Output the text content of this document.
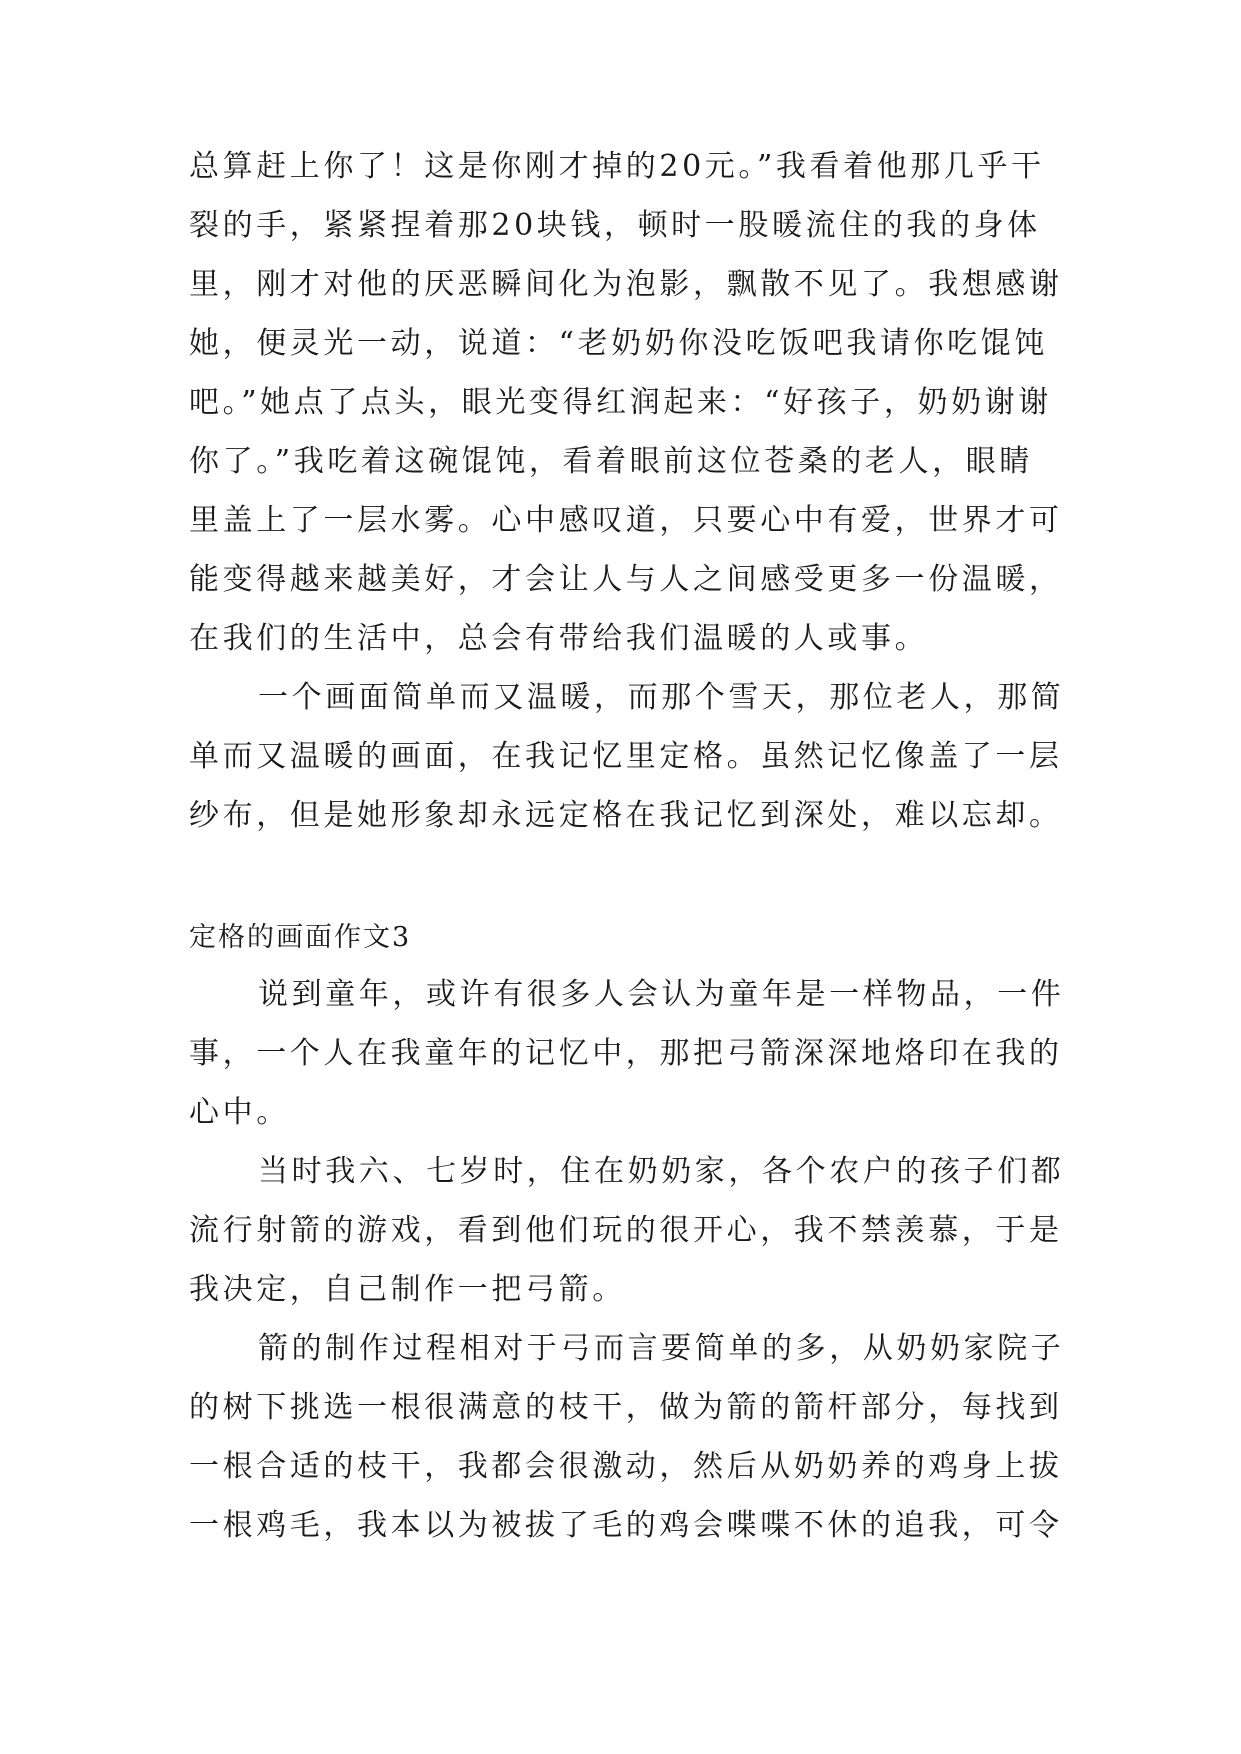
总算赶上你了！这是你刚才掉的20元。”我看着他那几乎干

裂的手，紧紧捏着那20块钱，顿时一股暖流住的我的身体

里，刚才对他的厌恶瞬间化为泡影，飘散不见了。我想感谢

她，便灵光一动，说道：“老奶奶你没吃饭吧我请你吃馄饨

吧。”她点了点头，眼光变得红润起来：“好孩子，奶奶谢谢

你了。”我吃着这碗馄饨，看着眼前这位苍桑的老人，眼睛

里盖上了一层水雾。心中感叹道，只要心中有爱，世界才可

能变得越来越美好，才会让人与人之间感受更多一份温暖，

在我们的生活中，总会有带给我们温暖的人或事。

一个画面简单而又温暖，而那个雪天，那位老人，那简

单而又温暖的画面，在我记忆里定格。虽然记忆像盖了一层

纱布，但是她形象却永远定格在我记忆到深处，难以忘却。

定格的画面作文3

说到童年，或许有很多人会认为童年是一样物品，一件

事，一个人在我童年的记忆中，那把弓箭深深地烙印在我的

心中。

当时我六、七岁时，住在奶奶家，各个农户的孩子们都

流行射箭的游戏，看到他们玩的很开心，我不禁羡慕，于是

我决定，自己制作一把弓箭。

箭的制作过程相对于弓而言要简单的多，从奶奶家院子

的树下挑选一根很满意的枝干，做为箭的箭杆部分，每找到

一根合适的枝干，我都会很激动，然后从奶奶养的鸡身上拔

一根鸡毛，我本以为被拔了毛的鸡会喋喋不休的追我，可令
